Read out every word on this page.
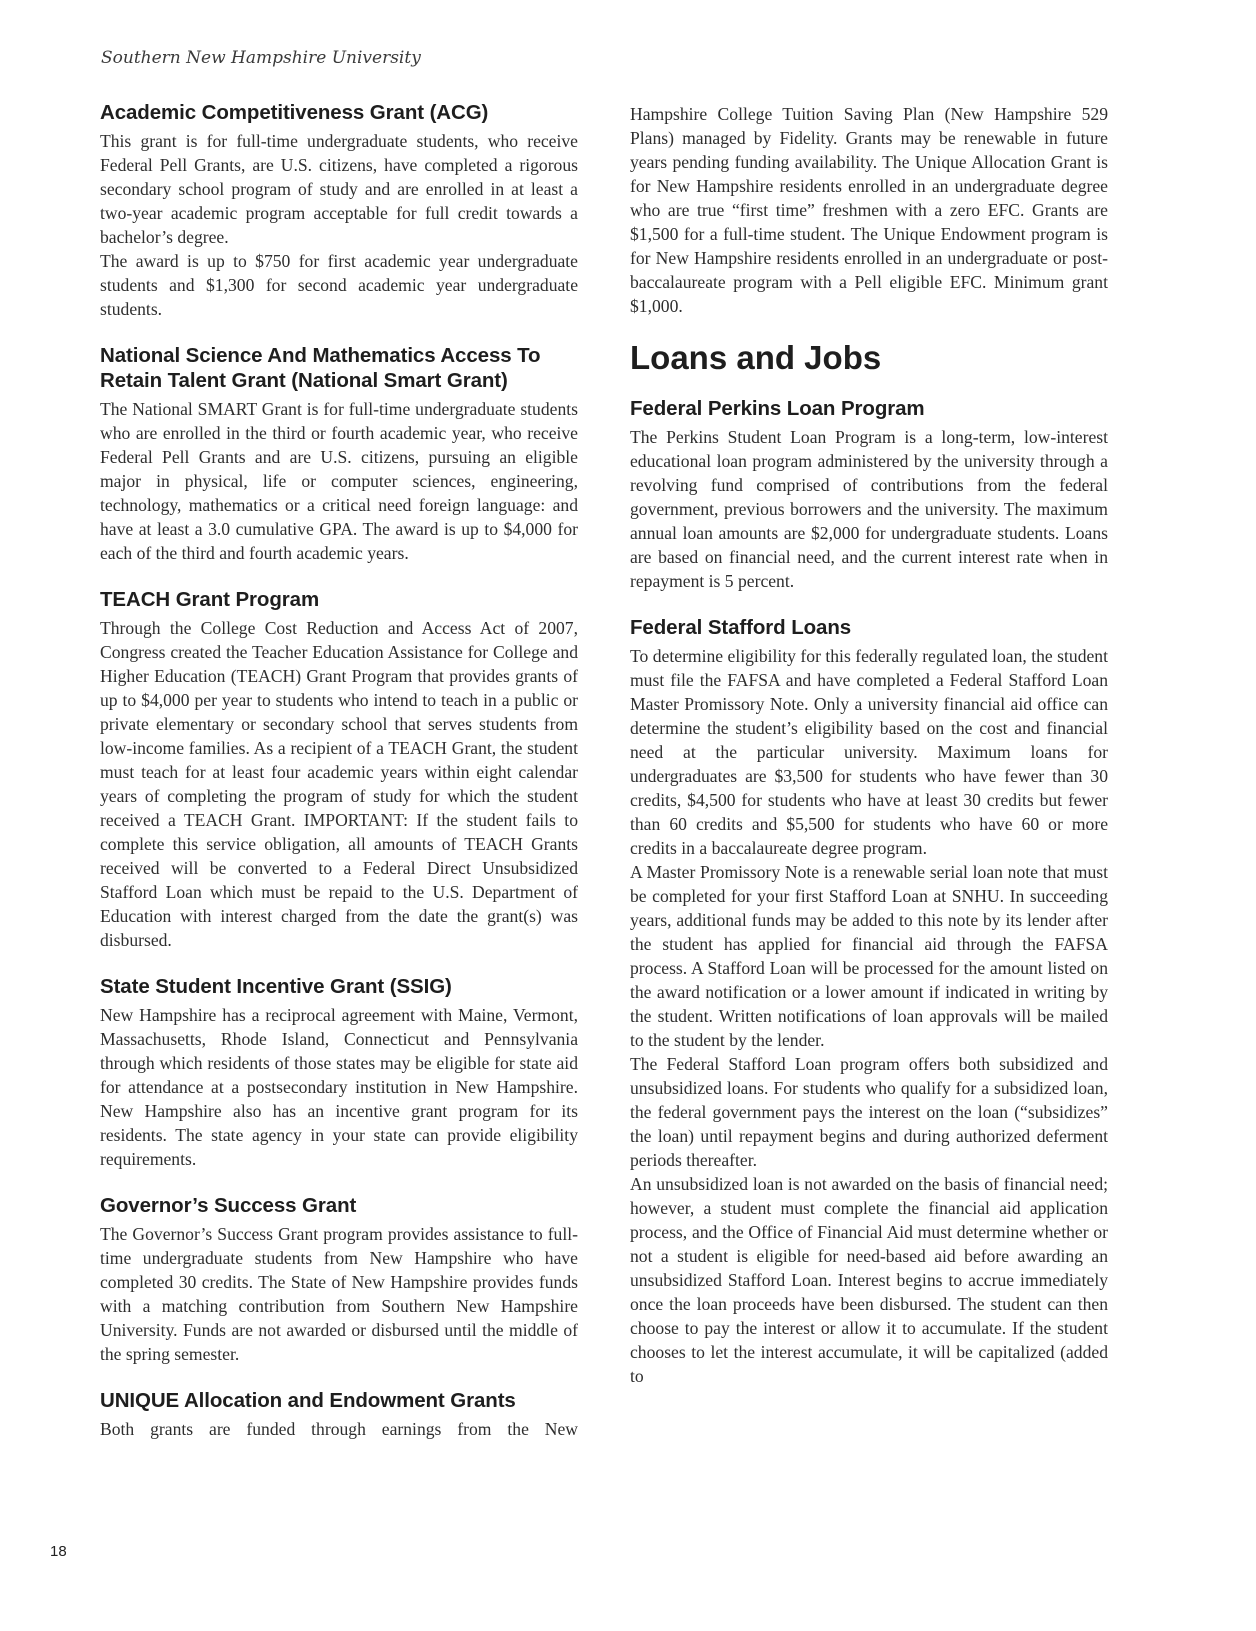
Southern New Hampshire University
Academic Competitiveness Grant (ACG)

This grant is for full-time undergraduate students, who receive Federal Pell Grants, are U.S. citizens, have completed a rigorous secondary school program of study and are enrolled in at least a two-year academic program acceptable for full credit towards a bachelor’s degree.

The award is up to $750 for first academic year undergraduate students and $1,300 for second academic year undergraduate students.

National Science And Mathematics Access To Retain Talent Grant (National Smart Grant)

The National SMART Grant is for full-time undergraduate students who are enrolled in the third or fourth academic year, who receive Federal Pell Grants and are U.S. citizens, pursuing an eligible major in physical, life or computer sciences, engineering, technology, mathematics or a critical need foreign language: and have at least a 3.0 cumulative GPA. The award is up to $4,000 for each of the third and fourth academic years.

TEACH Grant Program

Through the College Cost Reduction and Access Act of 2007, Congress created the Teacher Education Assistance for College and Higher Education (TEACH) Grant Program that provides grants of up to $4,000 per year to students who intend to teach in a public or private elementary or secondary school that serves students from low-income families. As a recipient of a TEACH Grant, the student must teach for at least four academic years within eight calendar years of completing the program of study for which the student received a TEACH Grant. IMPORTANT: If the student fails to complete this service obligation, all amounts of TEACH Grants received will be converted to a Federal Direct Unsubsidized Stafford Loan which must be repaid to the U.S. Department of Education with interest charged from the date the grant(s) was disbursed.

State Student Incentive Grant (SSIG)

New Hampshire has a reciprocal agreement with Maine, Vermont, Massachusetts, Rhode Island, Connecticut and Pennsylvania through which residents of those states may be eligible for state aid for attendance at a postsecondary institution in New Hampshire. New Hampshire also has an incentive grant program for its residents. The state agency in your state can provide eligibility requirements.

Governor’s Success Grant

The Governor’s Success Grant program provides assistance to full-time undergraduate students from New Hampshire who have completed 30 credits. The State of New Hampshire provides funds with a matching contribution from Southern New Hampshire University. Funds are not awarded or disbursed until the middle of the spring semester.

UNIQUE Allocation and Endowment Grants

Both grants are funded through earnings from the New

Hampshire College Tuition Saving Plan (New Hampshire 529 Plans) managed by Fidelity. Grants may be renewable in future years pending funding availability. The Unique Allocation Grant is for New Hampshire residents enrolled in an undergraduate degree who are true “first time” freshmen with a zero EFC. Grants are $1,500 for a full-time student. The Unique Endowment program is for New Hampshire residents enrolled in an undergraduate or post-baccalaureate program with a Pell eligible EFC. Minimum grant $1,000.

Loans and Jobs
Federal Perkins Loan Program

The Perkins Student Loan Program is a long-term, low-interest educational loan program administered by the university through a revolving fund comprised of contributions from the federal government, previous borrowers and the university. The maximum annual loan amounts are $2,000 for undergraduate students. Loans are based on financial need, and the current interest rate when in repayment is 5 percent.

Federal Stafford Loans

To determine eligibility for this federally regulated loan, the student must file the FAFSA and have completed a Federal Stafford Loan Master Promissory Note. Only a university financial aid office can determine the student’s eligibility based on the cost and financial need at the particular university. Maximum loans for undergraduates are $3,500 for students who have fewer than 30 credits, $4,500 for students who have at least 30 credits but fewer than 60 credits and $5,500 for students who have 60 or more credits in a baccalaureate degree program.

A Master Promissory Note is a renewable serial loan note that must be completed for your first Stafford Loan at SNHU. In succeeding years, additional funds may be added to this note by its lender after the student has applied for financial aid through the FAFSA process. A Stafford Loan will be processed for the amount listed on the award notification or a lower amount if indicated in writing by the student. Written notifications of loan approvals will be mailed to the student by the lender.

The Federal Stafford Loan program offers both subsidized and unsubsidized loans. For students who qualify for a subsidized loan, the federal government pays the interest on the loan (“subsidizes” the loan) until repayment begins and during authorized deferment periods thereafter.

An unsubsidized loan is not awarded on the basis of financial need; however, a student must complete the financial aid application process, and the Office of Financial Aid must determine whether or not a student is eligible for need-based aid before awarding an unsubsidized Stafford Loan. Interest begins to accrue immediately once the loan proceeds have been disbursed. The student can then choose to pay the interest or allow it to accumulate. If the student chooses to let the interest accumulate, it will be capitalized (added to

18
